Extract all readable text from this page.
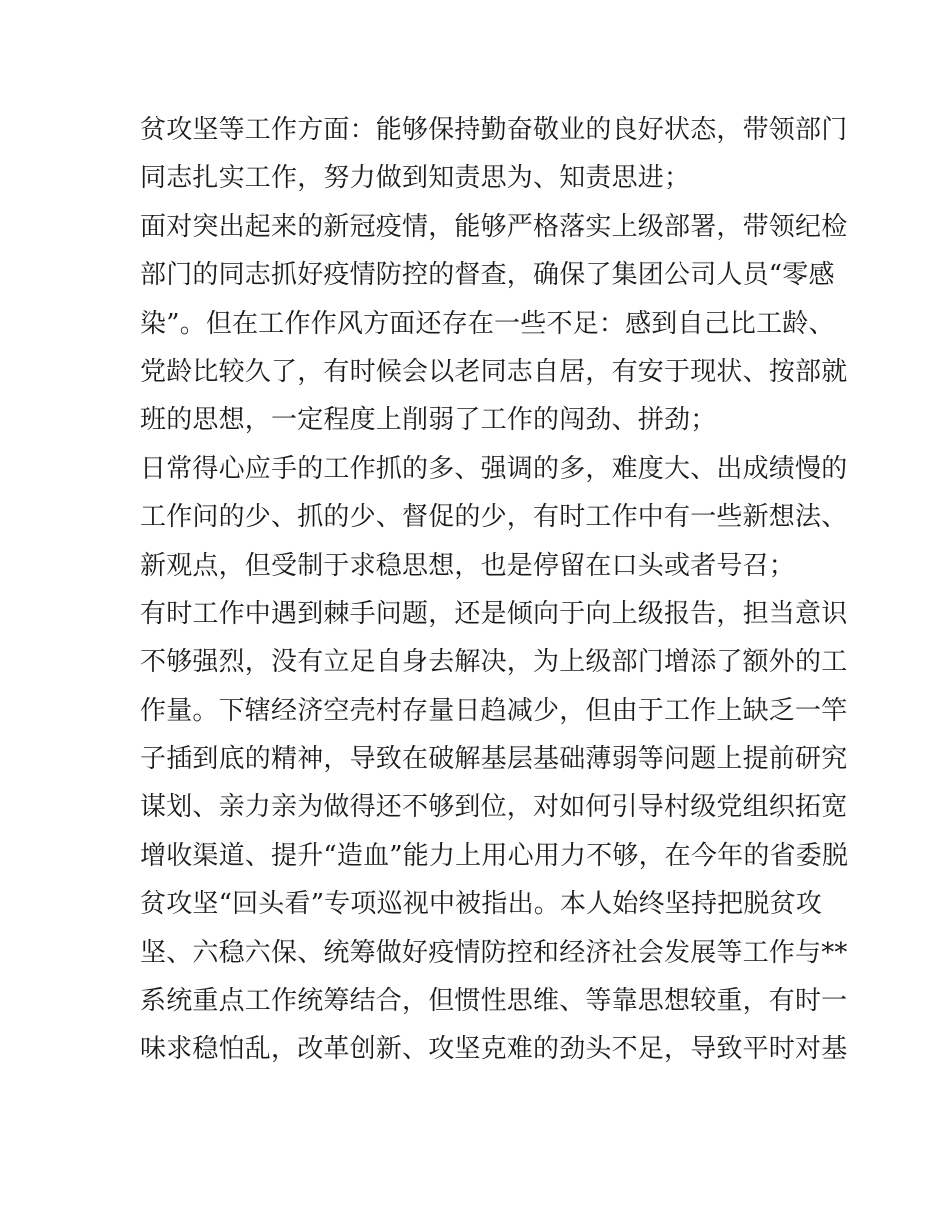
贫攻坚等工作方面：能够保持勤奋敬业的良好状态，带领部门
同志扎实工作，努力做到知责思为、知责思进；
面对突出起来的新冠疫情，能够严格落实上级部署，带领纪检
部门的同志抓好疫情防控的督查，确保了集团公司人员“零感
染”。但在工作作风方面还存在一些不足：感到自己比工龄、
党龄比较久了，有时候会以老同志自居，有安于现状、按部就
班的思想，一定程度上削弱了工作的闯劲、拼劲；
日常得心应手的工作抓的多、强调的多，难度大、出成绩慢的
工作问的少、抓的少、督促的少，有时工作中有一些新想法、
新观点，但受制于求稳思想，也是停留在口头或者号召；
有时工作中遇到棘手问题，还是倾向于向上级报告，担当意识
不够强烈，没有立足自身去解决，为上级部门增添了额外的工
作量。下辖经济空壳村存量日趋减少，但由于工作上缺乏一竿
子插到底的精神，导致在破解基层基础薄弱等问题上提前研究
谋划、亲力亲为做得还不够到位，对如何引导村级党组织拓宽
增收渠道、提升“造血”能力上用心用力不够，在今年的省委脱
贫攻坚“回头看”专项巡视中被指出。本人始终坚持把脱贫攻
坚、六稳六保、统筹做好疫情防控和经济社会发展等工作与**
系统重点工作统筹结合，但惯性思维、等靠思想较重，有时一
味求稳怕乱，改革创新、攻坚克难的劲头不足，导致平时对基
